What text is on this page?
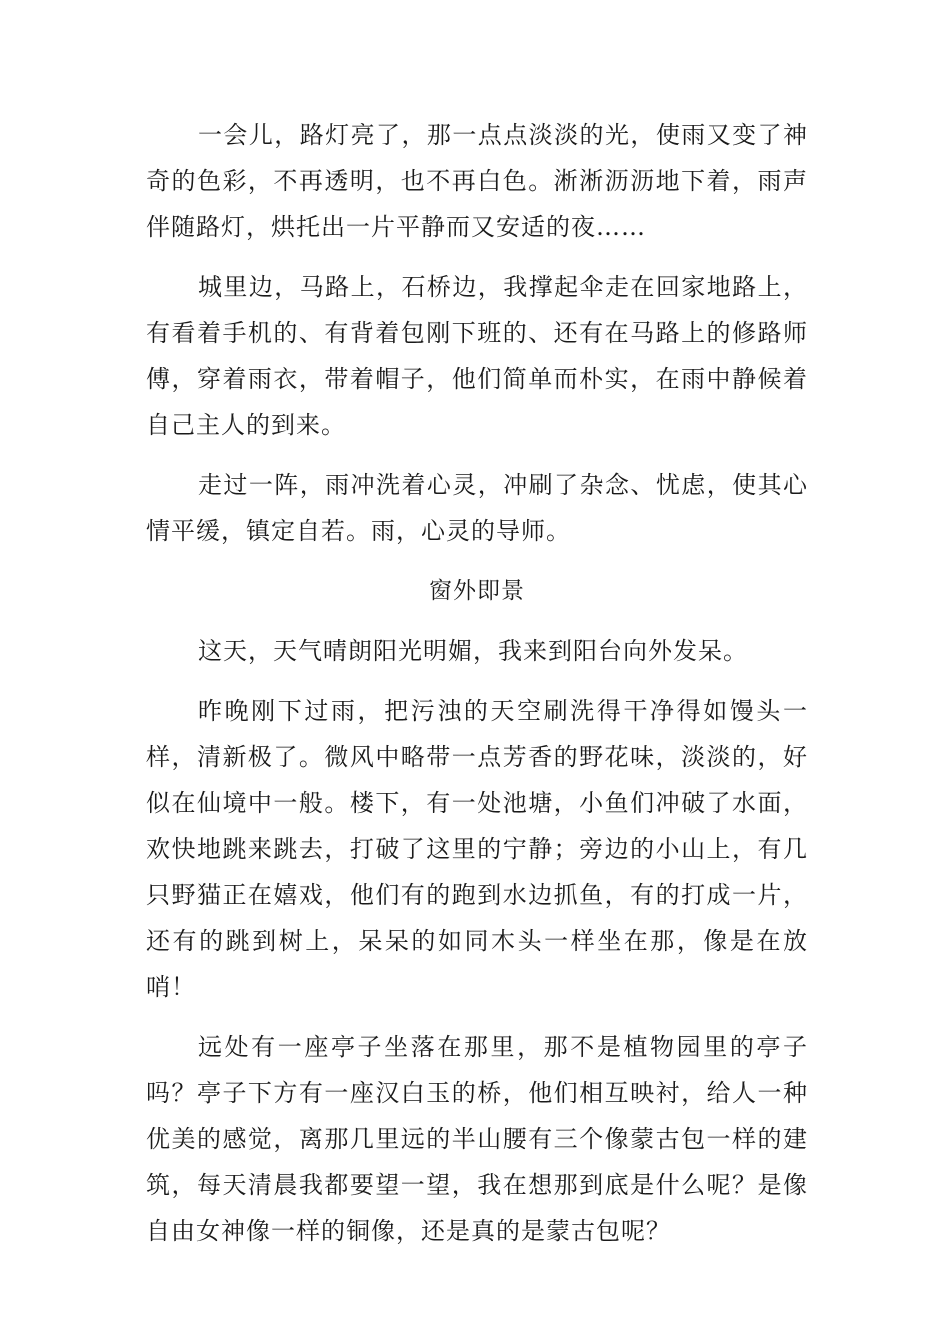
一会儿，路灯亮了，那一点点淡淡的光，使雨又变了神奇的色彩，不再透明，也不再白色。淅淅沥沥地下着，雨声伴随路灯，烘托出一片平静而又安适的夜……

城里边，马路上，石桥边，我撑起伞走在回家地路上，有看着手机的、有背着包刚下班的、还有在马路上的修路师傅，穿着雨衣，带着帽子，他们简单而朴实，在雨中静候着自己主人的到来。

走过一阵，雨冲洗着心灵，冲刷了杂念、忧虑，使其心情平缓，镇定自若。雨，心灵的导师。

窗外即景

这天，天气晴朗阳光明媚，我来到阳台向外发呆。

昨晚刚下过雨，把污浊的天空刷洗得干净得如馒头一样，清新极了。微风中略带一点芳香的野花味，淡淡的，好似在仙境中一般。楼下，有一处池塘，小鱼们冲破了水面，欢快地跳来跳去，打破了这里的宁静；旁边的小山上，有几只野猫正在嬉戏，他们有的跑到水边抓鱼，有的打成一片，还有的跳到树上，呆呆的如同木头一样坐在那，像是在放哨！

远处有一座亭子坐落在那里，那不是植物园里的亭子吗？亭子下方有一座汉白玉的桥，他们相互映衬，给人一种优美的感觉，离那几里远的半山腰有三个像蒙古包一样的建筑，每天清晨我都要望一望，我在想那到底是什么呢？是像自由女神像一样的铜像，还是真的是蒙古包呢？
